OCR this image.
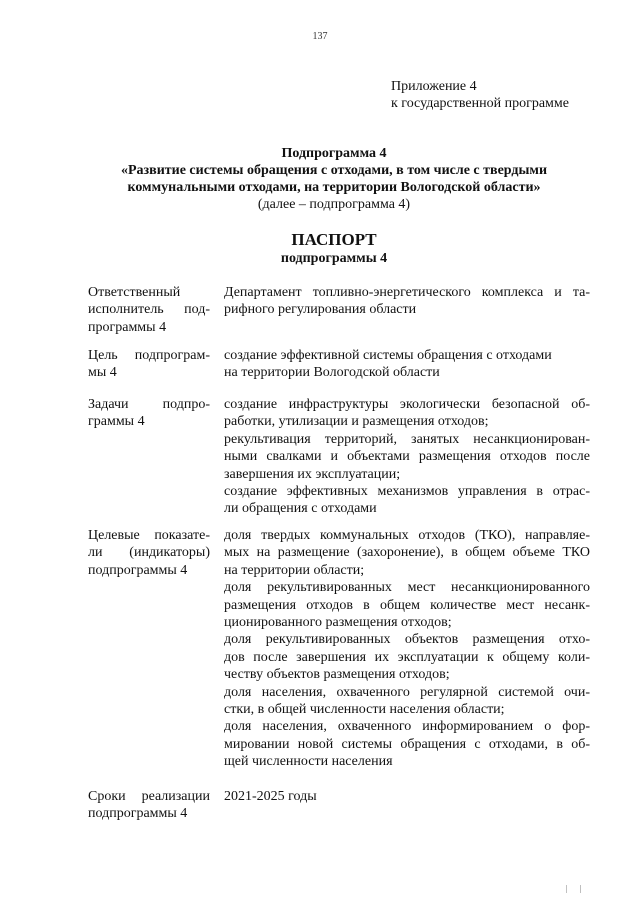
137
Приложение 4
к государственной программе
Подпрограмма 4
«Развитие системы обращения с отходами, в том числе с твердыми
коммунальными отходами, на территории Вологодской области»
(далее – подпрограмма 4)
ПАСПОРТ
подпрограммы 4
Ответственный
исполнитель под-
программы 4
Департамент топливно-энергетического комплекса и та-
рифного регулирования области
Цель подпрограм-
мы 4
создание эффективной системы обращения с отходами
на территории Вологодской области
Задачи подпро-
граммы 4
создание инфраструктуры экологически безопасной об-
работки, утилизации и размещения отходов;
рекультивация территорий, занятых несанкционирован-
ными свалками и объектами размещения отходов после
завершения их эксплуатации;
создание эффективных механизмов управления в отрас-
ли обращения с отходами
Целевые показате-
ли (индикаторы)
подпрограммы 4
доля твердых коммунальных отходов (ТКО), направляе-
мых на размещение (захоронение), в общем объеме ТКО
на территории области;
доля рекультивированных мест несанкционированного
размещения отходов в общем количестве мест несанк-
ционированного размещения отходов;
доля рекультивированных объектов размещения отхо-
дов после завершения их эксплуатации к общему коли-
честву объектов размещения отходов;
доля населения, охваченного регулярной системой очи-
стки, в общей численности населения области;
доля населения, охваченного информированием о фор-
мировании новой системы обращения с отходами, в об-
щей численности населения
Сроки реализации
подпрограммы 4
2021-2025 годы
| |
